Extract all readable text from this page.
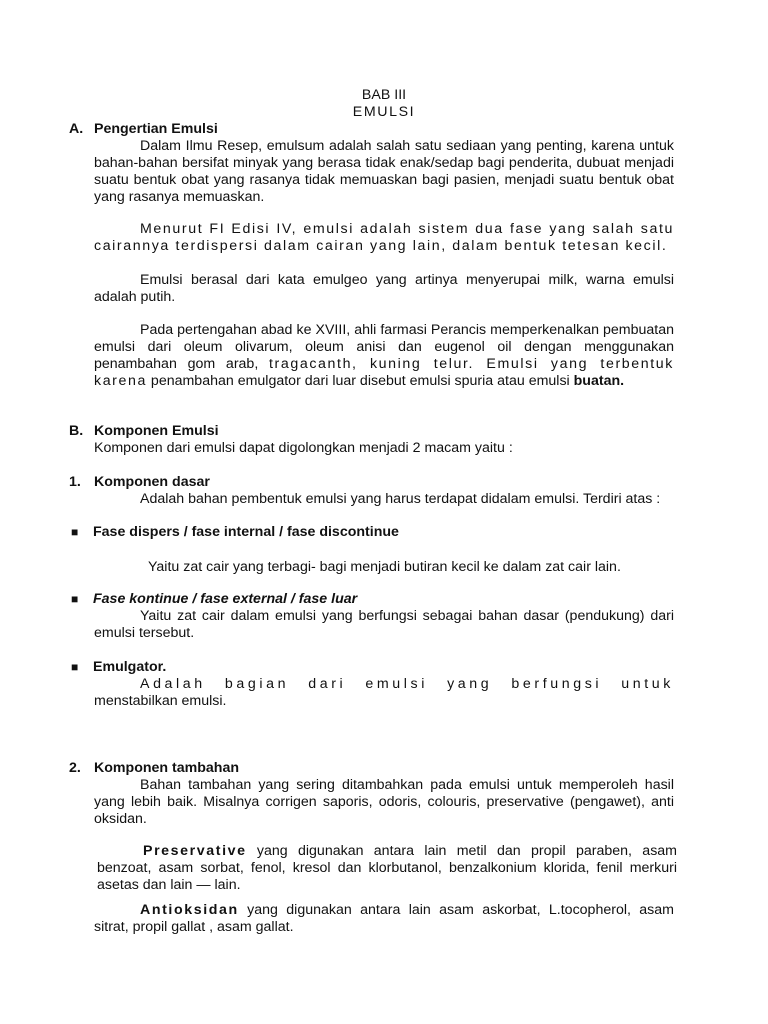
BAB III
EMULSI
A. Pengertian Emulsi

Dalam Ilmu Resep, emulsum adalah salah satu sediaan yang penting, karena untuk bahan-bahan bersifat minyak yang berasa tidak enak/sedap bagi penderita, dubuat menjadi suatu bentuk obat yang rasanya tidak memuaskan bagi pasien, menjadi suatu bentuk obat yang rasanya memuaskan.

Menurut FI Edisi IV, emulsi adalah sistem dua fase yang salah satu cairannya terdispersi dalam cairan yang lain, dalam bentuk tetesan kecil.

Emulsi berasal dari kata emulgeo yang artinya menyerupai milk, warna emulsi adalah putih.

Pada pertengahan abad ke XVIII, ahli farmasi Perancis memperkenalkan pembuatan emulsi dari oleum olivarum, oleum anisi dan eugenol oil dengan menggunakan penambahan gom arab, tragacanth, kuning telur. Emulsi yang terbentuk karena penambahan emulgator dari luar disebut emulsi spuria atau emulsi buatan.

B. Komponen Emulsi

Komponen dari emulsi dapat digolongkan menjadi 2 macam yaitu :

1. Komponen dasar

Adalah bahan pembentuk emulsi yang harus terdapat didalam emulsi. Terdiri atas :

■ Fase dispers / fase internal / fase discontinue

Yaitu zat cair yang terbagi- bagi menjadi butiran kecil ke dalam zat cair lain.

■ Fase kontinue / fase external / fase luar

Yaitu zat cair dalam emulsi yang berfungsi sebagai bahan dasar (pendukung) dari emulsi tersebut.

■ Emulgator.

Adalah bagian dari emulsi yang berfungsi untuk menstabilkan emulsi.

2. Komponen tambahan

Bahan tambahan yang sering ditambahkan pada emulsi untuk memperoleh hasil yang lebih baik. Misalnya corrigen saporis, odoris, colouris, preservative (pengawet), anti oksidan.

Preservative yang digunakan antara lain metil dan propil paraben, asam benzoat, asam sorbat, fenol, kresol dan klorbutanol, benzalkonium klorida, fenil merkuri asetas dan lain — lain.

Antioksidan yang digunakan antara lain asam askorbat, L.tocopherol, asam sitrat, propil gallat , asam gallat.
